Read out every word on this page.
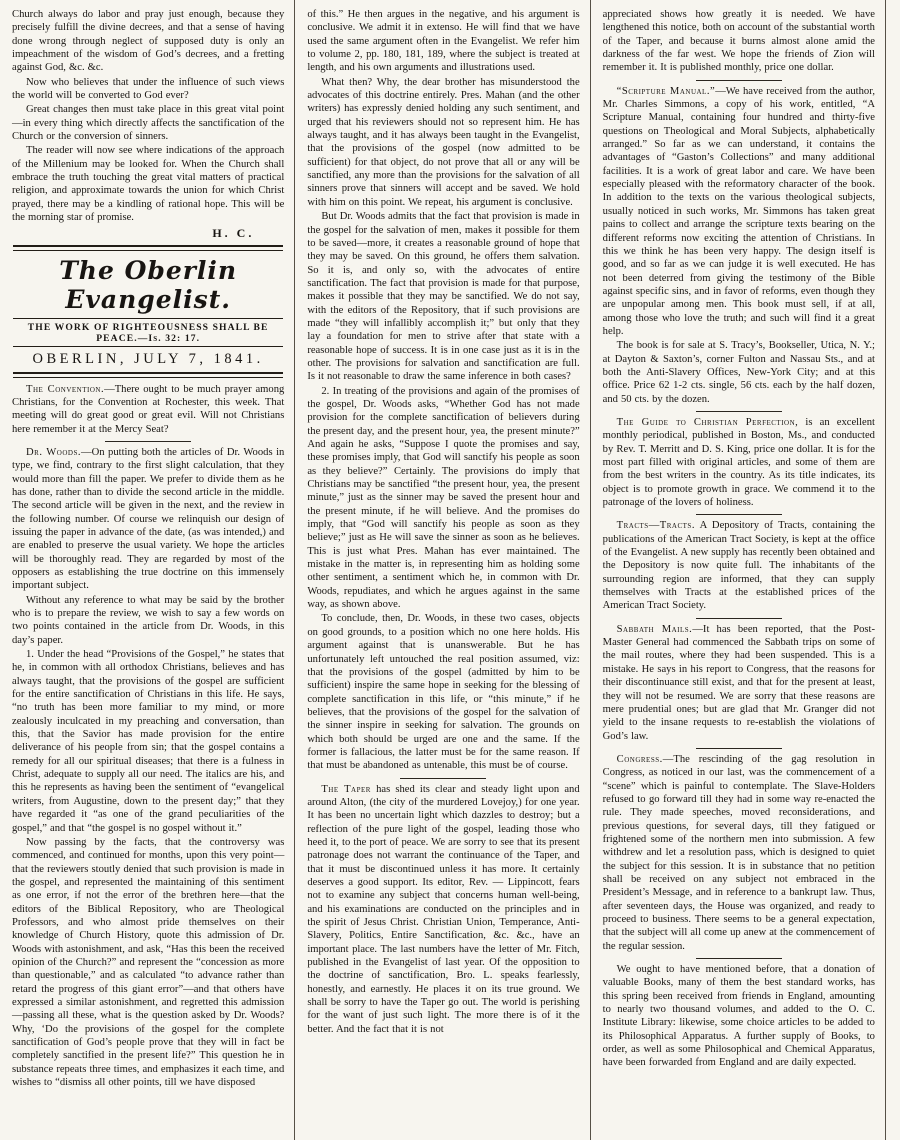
Church always do labor and pray just enough, because they precisely fulfill the divine decrees, and that a sense of having done wrong through neglect of supposed duty is only an impeachment of the wisdom of God’s decrees, and a fretting against God, &c. &c.

Now who believes that under the influence of such views the world will be converted to God ever?

Great changes then must take place in this great vital point—in every thing which directly affects the sanctification of the Church or the conversion of sinners.

The reader will now see where indications of the approach of the Millenium may be looked for. When the Church shall embrace the truth touching the great vital matters of practical religion, and approximate towards the union for which Christ prayed, there may be a kindling of rational hope. This will be the morning star of promise.

H. C.
The Oberlin Evangelist.
THE WORK OF RIGHTEOUSNESS SHALL BE PEACE.—Is. 32: 17.
OBERLIN, JULY 7, 1841.

The Convention.—There ought to be much prayer among Christians, for the Convention at Rochester, this week. That meeting will do great good or great evil. Will not Christians here remember it at the Mercy Seat?

Dr. Woods.—On putting both the articles of Dr. Woods in type, we find, contrary to the first slight calculation, that they would more than fill the paper. We prefer to divide them as he has done, rather than to divide the second article in the middle. The second article will be given in the next, and the review in the following number. Of course we relinquish our design of issuing the paper in advance of the date, (as was intended,) and are enabled to preserve the usual variety. We hope the articles will be thoroughly read. They are regarded by most of the opposers as establishing the true doctrine on this immensely important subject.

Without any reference to what may be said by the brother who is to prepare the review, we wish to say a few words on two points contained in the article from Dr. Woods, in this day’s paper.

1. Under the head “Provisions of the Gospel,” he states that he, in common with all orthodox Christians, believes and has always taught, that the provisions of the gospel are sufficient for the entire sanctification of Christians in this life. He says, “no truth has been more familiar to my mind, or more zealously inculcated in my preaching and conversation, than this, that the Savior has made provision for the entire deliverance of his people from sin; that the gospel contains a remedy for all our spiritual diseases; that there is a fulness in Christ, adequate to supply all our need. The italics are his, and this he represents as having been the sentiment of “evangelical writers, from Augustine, down to the present day;” that they have regarded it “as one of the grand peculiarities of the gospel,” and that “the gospel is no gospel without it.”

Now passing by the facts, that the controversy was commenced, and continued for months, upon this very point—that the reviewers stoutly denied that such provision is made in the gospel, and represented the maintaining of this sentiment as one error, if not the error of the brethren here—that the editors of the Biblical Repository, who are Theological Professors, and who almost pride themselves on their knowledge of Church History, quote this admission of Dr. Woods with astonishment, and ask, “Has this been the received opinion of the Church?” and represent the “concession as more than questionable,” and as calculated “to advance rather than retard the progress of this giant error”—and that others have expressed a similar astonishment, and regretted this admission—passing all these, what is the question asked by Dr. Woods? Why, ‘Do the provisions of the gospel for the complete sanctification of God’s people prove that they will in fact be completely sanctified in the present life?” This question he in substance repeats three times, and emphasizes it each time, and wishes to “dismiss all other points, till we have disposed

of this.” He then argues in the negative, and his argument is conclusive. We admit it in extenso. He will find that we have used the same argument often in the Evangelist. We refer him to volume 2, pp. 180, 181, 189, where the subject is treated at length, and his own arguments and illustrations used.

What then? Why, the dear brother has misunderstood the advocates of this doctrine entirely. Pres. Mahan (and the other writers) has expressly denied holding any such sentiment, and urged that his reviewers should not so represent him. He has always taught, and it has always been taught in the Evangelist, that the provisions of the gospel (now admitted to be sufficient) for that object, do not prove that all or any will be sanctified, any more than the provisions for the salvation of all sinners prove that sinners will accept and be saved. We hold with him on this point. We repeat, his argument is conclusive.

But Dr. Woods admits that the fact that provision is made in the gospel for the salvation of men, makes it possible for them to be saved—more, it creates a reasonable ground of hope that they may be saved. On this ground, he offers them salvation. So it is, and only so, with the advocates of entire sanctification. The fact that provision is made for that purpose, makes it possible that they may be sanctified. We do not say, with the editors of the Repository, that if such provisions are made “they will infallibly accomplish it;” but only that they lay a foundation for men to strive after that state with a reasonable hope of success. It is in one case just as it is in the other. The provisions for salvation and sanctification are full. Is it not reasonable to draw the same inference in both cases?

2. In treating of the provisions and again of the promises of the gospel, Dr. Woods asks, “Whether God has not made provision for the complete sanctification of believers during the present day, and the present hour, yea, the present minute?” And again he asks, “Suppose I quote the promises and say, these promises imply, that God will sanctify his people as soon as they believe?” Certainly. The provisions do imply that Christians may be sanctified “the present hour, yea, the present minute,” just as the sinner may be saved the present hour and the present minute, if he will believe. And the promises do imply, that “God will sanctify his people as soon as they believe;” just as He will save the sinner as soon as he believes. This is just what Pres. Mahan has ever maintained. The mistake in the matter is, in representing him as holding some other sentiment, a sentiment which he, in common with Dr. Woods, repudiates, and which he argues against in the same way, as shown above.

To conclude, then, Dr. Woods, in these two cases, objects on good grounds, to a position which no one here holds. His argument against that is unanswerable. But he has unfortunately left untouched the real position assumed, viz: that the provisions of the gospel (admitted by him to be sufficient) inspire the same hope in seeking for the blessing of complete sanctification in this life, or “this minute,” if he believes, that the provisions of the gospel for the salvation of the sinner inspire in seeking for salvation. The grounds on which both should be urged are one and the same. If the former is fallacious, the latter must be for the same reason. If that must be abandoned as untenable, this must be of course.

The Taper has shed its clear and steady light upon and around Alton, (the city of the murdered Lovejoy,) for one year. It has been no uncertain light which dazzles to destroy; but a reflection of the pure light of the gospel, leading those who heed it, to the port of peace. We are sorry to see that its present patronage does not warrant the continuance of the Taper, and that it must be discontinued unless it has more. It certainly deserves a good support. Its editor, Rev. — Lippincott, fears not to examine any subject that concerns human well-being, and his examinations are conducted on the principles and in the spirit of Jesus Christ. Christian Union, Temperance, Anti-Slavery, Politics, Entire Sanctification, &c. &c., have an important place. The last numbers have the letter of Mr. Fitch, published in the Evangelist of last year. Of the opposition to the doctrine of sanctification, Bro. L. speaks fearlessly, honestly, and earnestly. He places it on its true ground. We shall be sorry to have the Taper go out. The world is perishing for the want of just such light. The more there is of it the better. And the fact that it is not

appreciated shows how greatly it is needed. We have lengthened this notice, both on account of the substantial worth of the Taper, and because it burns almost alone amid the darkness of the far west. We hope the friends of Zion will remember it. It is published monthly, price one dollar.

“Scripture Manual.”—We have received from the author, Mr. Charles Simmons, a copy of his work, entitled, “A Scripture Manual, containing four hundred and thirty-five questions on Theological and Moral Subjects, alphabetically arranged.” So far as we can understand, it contains the advantages of “Gaston’s Collections” and many additional facilities. It is a work of great labor and care. We have been especially pleased with the reformatory character of the book. In addition to the texts on the various theological subjects, usually noticed in such works, Mr. Simmons has taken great pains to collect and arrange the scripture texts bearing on the different reforms now exciting the attention of Christians. In this we think he has been very happy. The design itself is good, and so far as we can judge it is well executed. He has not been deterred from giving the testimony of the Bible against specific sins, and in favor of reforms, even though they are unpopular among men. This book must sell, if at all, among those who love the truth; and such will find it a great help.

The book is for sale at S. Tracy’s, Bookseller, Utica, N. Y.; at Dayton & Saxton’s, corner Fulton and Nassau Sts., and at both the Anti-Slavery Offices, New-York City; and at this office. Price 62 1-2 cts. single, 56 cts. each by the half dozen, and 50 cts. by the dozen.

The Guide to Christian Perfection, is an excellent monthly periodical, published in Boston, Ms., and conducted by Rev. T. Merritt and D. S. King, price one dollar. It is for the most part filled with original articles, and some of them are from the best writers in the country. As its title indicates, its object is to promote growth in grace. We commend it to the patronage of the lovers of holiness.

Tracts—Tracts. A Depository of Tracts, containing the publications of the American Tract Society, is kept at the office of the Evangelist. A new supply has recently been obtained and the Depository is now quite full. The inhabitants of the surrounding region are informed, that they can supply themselves with Tracts at the established prices of the American Tract Society.

Sabbath Mails.—It has been reported, that the Post-Master General had commenced the Sabbath trips on some of the mail routes, where they had been suspended. This is a mistake. He says in his report to Congress, that the reasons for their discontinuance still exist, and that for the present at least, they will not be resumed. We are sorry that these reasons are mere prudential ones; but are glad that Mr. Granger did not yield to the insane requests to re-establish the violations of God’s law.

Congress.—The rescinding of the gag resolution in Congress, as noticed in our last, was the commencement of a “scene” which is painful to contemplate. The Slave-Holders refused to go forward till they had in some way re-enacted the rule. They made speeches, moved reconsiderations, and previous questions, for several days, till they fatigued or frightened some of the northern men into submission. A few withdrew and let a resolution pass, which is designed to quiet the subject for this session. It is in substance that no petition shall be received on any subject not embraced in the President’s Message, and in reference to a bankrupt law. Thus, after seventeen days, the House was organized, and ready to proceed to business. There seems to be a general expectation, that the subject will all come up anew at the commencement of the regular session.

We ought to have mentioned before, that a donation of valuable Books, many of them the best standard works, has this spring been received from friends in England, amounting to nearly two thousand volumes, and added to the O. C. Institute Library: likewise, some choice articles to be added to its Philosophical Apparatus. A further supply of Books, to order, as well as some Philosophical and Chemical Apparatus, have been forwarded from England and are daily expected.
